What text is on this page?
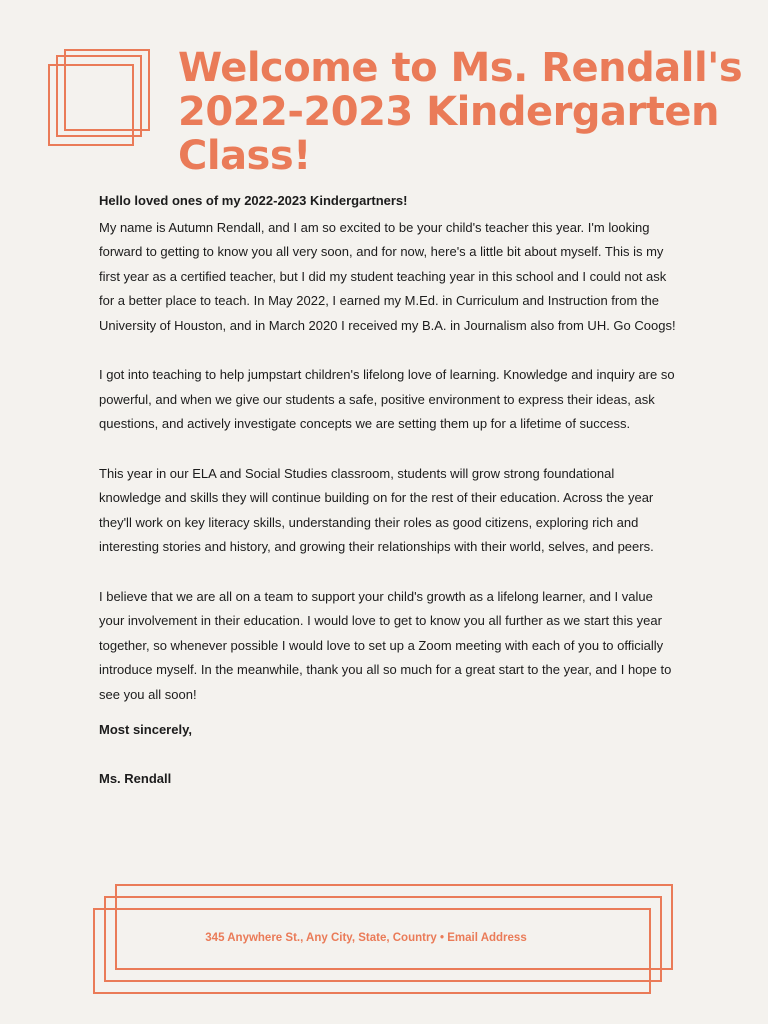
Welcome to Ms. Rendall's
2022-2023 Kindergarten
Class!

Hello loved ones of my 2022-2023 Kindergartners!

My name is Autumn Rendall, and I am so excited to be your child's teacher this year. I'm looking forward to getting to know you all very soon, and for now, here's a little bit about myself. This is my first year as a certified teacher, but I did my student teaching year in this school and I could not ask for a better place to teach. In May 2022, I earned my M.Ed. in Curriculum and Instruction from the University of Houston, and in March 2020 I received my B.A. in Journalism also from UH. Go Coogs!

I got into teaching to help jumpstart children's lifelong love of learning. Knowledge and inquiry are so powerful, and when we give our students a safe, positive environment to express their ideas, ask questions, and actively investigate concepts we are setting them up for a lifetime of success.

This year in our ELA and Social Studies classroom, students will grow strong foundational knowledge and skills they will continue building on for the rest of their education. Across the year they'll work on key literacy skills, understanding their roles as good citizens, exploring rich and interesting stories and history, and growing their relationships with their world, selves, and peers.

I believe that we are all on a team to support your child's growth as a lifelong learner, and I value your involvement in their education. I would love to get to know you all further as we start this year together, so whenever possible I would love to set up a Zoom meeting with each of you to officially introduce myself. In the meanwhile, thank you all so much for a great start to the year, and I hope to see you all soon!

Most sincerely,

Ms. Rendall

345 Anywhere St., Any City, State, Country • Email Address
